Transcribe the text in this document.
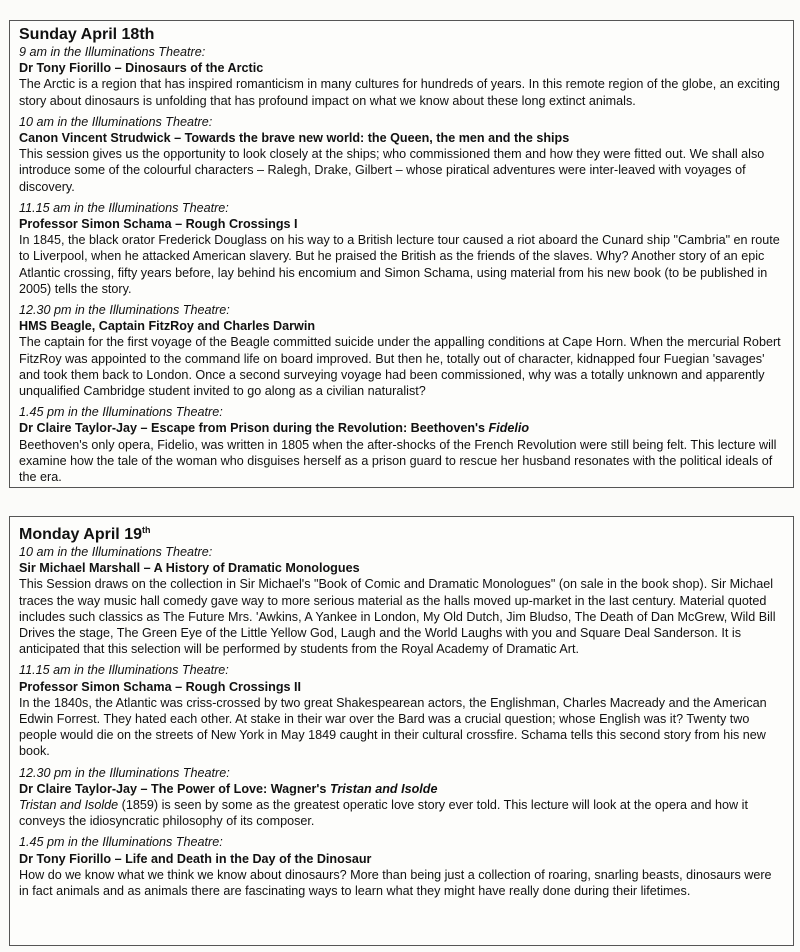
Sunday April 18th
9 am in the Illuminations Theatre:
Dr Tony Fiorillo – Dinosaurs of the Arctic
The Arctic is a region that has inspired romanticism in many cultures for hundreds of years. In this remote region of the globe, an exciting story about dinosaurs is unfolding that has profound impact on what we know about these long extinct animals.
10 am in the Illuminations Theatre:
Canon Vincent Strudwick – Towards the brave new world: the Queen, the men and the ships
This session gives us the opportunity to look closely at the ships; who commissioned them and how they were fitted out. We shall also introduce some of the colourful characters – Ralegh, Drake, Gilbert – whose piratical adventures were inter-leaved with voyages of discovery.
11.15 am in the Illuminations Theatre:
Professor Simon Schama – Rough Crossings I
In 1845, the black orator Frederick Douglass on his way to a British lecture tour caused a riot aboard the Cunard ship "Cambria" en route to Liverpool, when he attacked American slavery. But he praised the British as the friends of the slaves. Why? Another story of an epic Atlantic crossing, fifty years before, lay behind his encomium and Simon Schama, using material from his new book (to be published in 2005) tells the story.
12.30 pm in the Illuminations Theatre:
HMS Beagle, Captain FitzRoy and Charles Darwin
The captain for the first voyage of the Beagle committed suicide under the appalling conditions at Cape Horn. When the mercurial Robert FitzRoy was appointed to the command life on board improved. But then he, totally out of character, kidnapped four Fuegian 'savages' and took them back to London. Once a second surveying voyage had been commissioned, why was a totally unknown and apparently unqualified Cambridge student invited to go along as a civilian naturalist?
1.45 pm in the Illuminations Theatre:
Dr Claire Taylor-Jay – Escape from Prison during the Revolution: Beethoven's Fidelio
Beethoven's only opera, Fidelio, was written in 1805 when the after-shocks of the French Revolution were still being felt. This lecture will examine how the tale of the woman who disguises herself as a prison guard to rescue her husband resonates with the political ideals of the era.
Monday April 19th
10 am in the Illuminations Theatre:
Sir Michael Marshall – A History of Dramatic Monologues
This Session draws on the collection in Sir Michael's "Book of Comic and Dramatic Monologues" (on sale in the book shop). Sir Michael traces the way music hall comedy gave way to more serious material as the halls moved up-market in the last century. Material quoted includes such classics as The Future Mrs. 'Awkins, A Yankee in London, My Old Dutch, Jim Bludso, The Death of Dan McGrew, Wild Bill Drives the stage, The Green Eye of the Little Yellow God, Laugh and the World Laughs with you and Square Deal Sanderson. It is anticipated that this selection will be performed by students from the Royal Academy of Dramatic Art.
11.15 am in the Illuminations Theatre:
Professor Simon Schama – Rough Crossings II
In the 1840s, the Atlantic was criss-crossed by two great Shakespearean actors, the Englishman, Charles Macready and the American Edwin Forrest. They hated each other. At stake in their war over the Bard was a crucial question; whose English was it? Twenty two people would die on the streets of New York in May 1849 caught in their cultural crossfire. Schama tells this second story from his new book.
12.30 pm in the Illuminations Theatre:
Dr Claire Taylor-Jay – The Power of Love: Wagner's Tristan and Isolde
Tristan and Isolde (1859) is seen by some as the greatest operatic love story ever told. This lecture will look at the opera and how it conveys the idiosyncratic philosophy of its composer.
1.45 pm in the Illuminations Theatre:
Dr Tony Fiorillo – Life and Death in the Day of the Dinosaur
How do we know what we think we know about dinosaurs? More than being just a collection of roaring, snarling beasts, dinosaurs were in fact animals and as animals there are fascinating ways to learn what they might have really done during their lifetimes.
